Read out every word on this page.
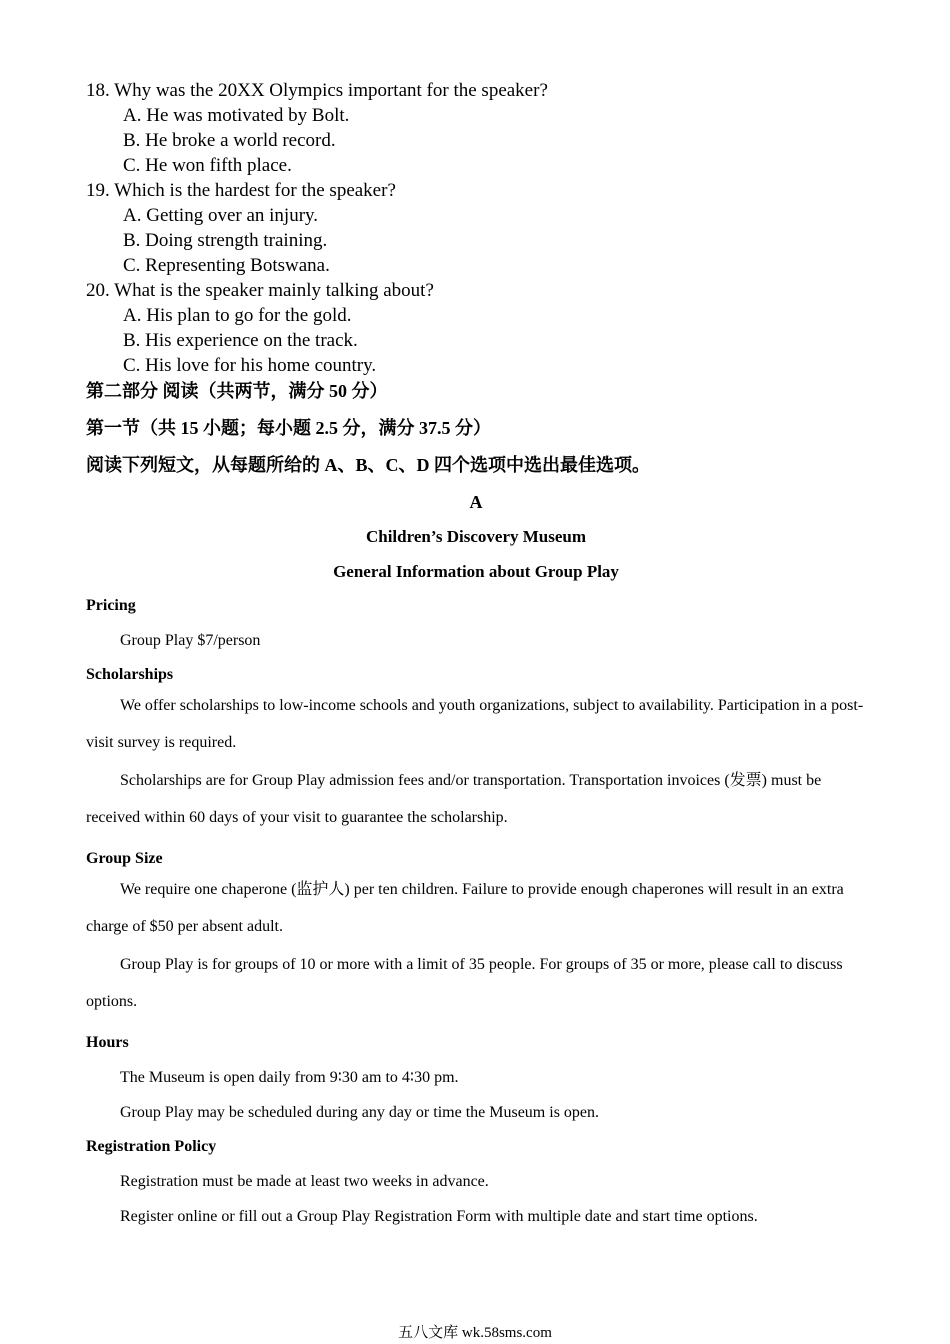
18. Why was the 20XX Olympics important for the speaker?
A. He was motivated by Bolt.
B. He broke a world record.
C. He won fifth place.
19. Which is the hardest for the speaker?
A. Getting over an injury.
B. Doing strength training.
C. Representing Botswana.
20. What is the speaker mainly talking about?
A. His plan to go for the gold.
B. His experience on the track.
C. His love for his home country.
第二部分 阅读（共两节，满分 50 分）
第一节（共 15 小题；每小题 2.5 分，满分 37.5 分）
阅读下列短文，从每题所给的 A、B、C、D 四个选项中选出最佳选项。
A
Children’s Discovery Museum
General Information about Group Play
Pricing
Group Play $7/person
Scholarships
We offer scholarships to low-income schools and youth organizations, subject to availability. Participation in a post-visit survey is required.
Scholarships are for Group Play admission fees and/or transportation. Transportation invoices (发票) must be received within 60 days of your visit to guarantee the scholarship.
Group Size
We require one chaperone (监护人) per ten children. Failure to provide enough chaperones will result in an extra charge of $50 per absent adult.
Group Play is for groups of 10 or more with a limit of 35 people. For groups of 35 or more, please call to discuss options.
Hours
The Museum is open daily from 9∶30 am to 4∶30 pm.
Group Play may be scheduled during any day or time the Museum is open.
Registration Policy
Registration must be made at least two weeks in advance.
Register online or fill out a Group Play Registration Form with multiple date and start time options.
五八文库 wk.58sms.com
